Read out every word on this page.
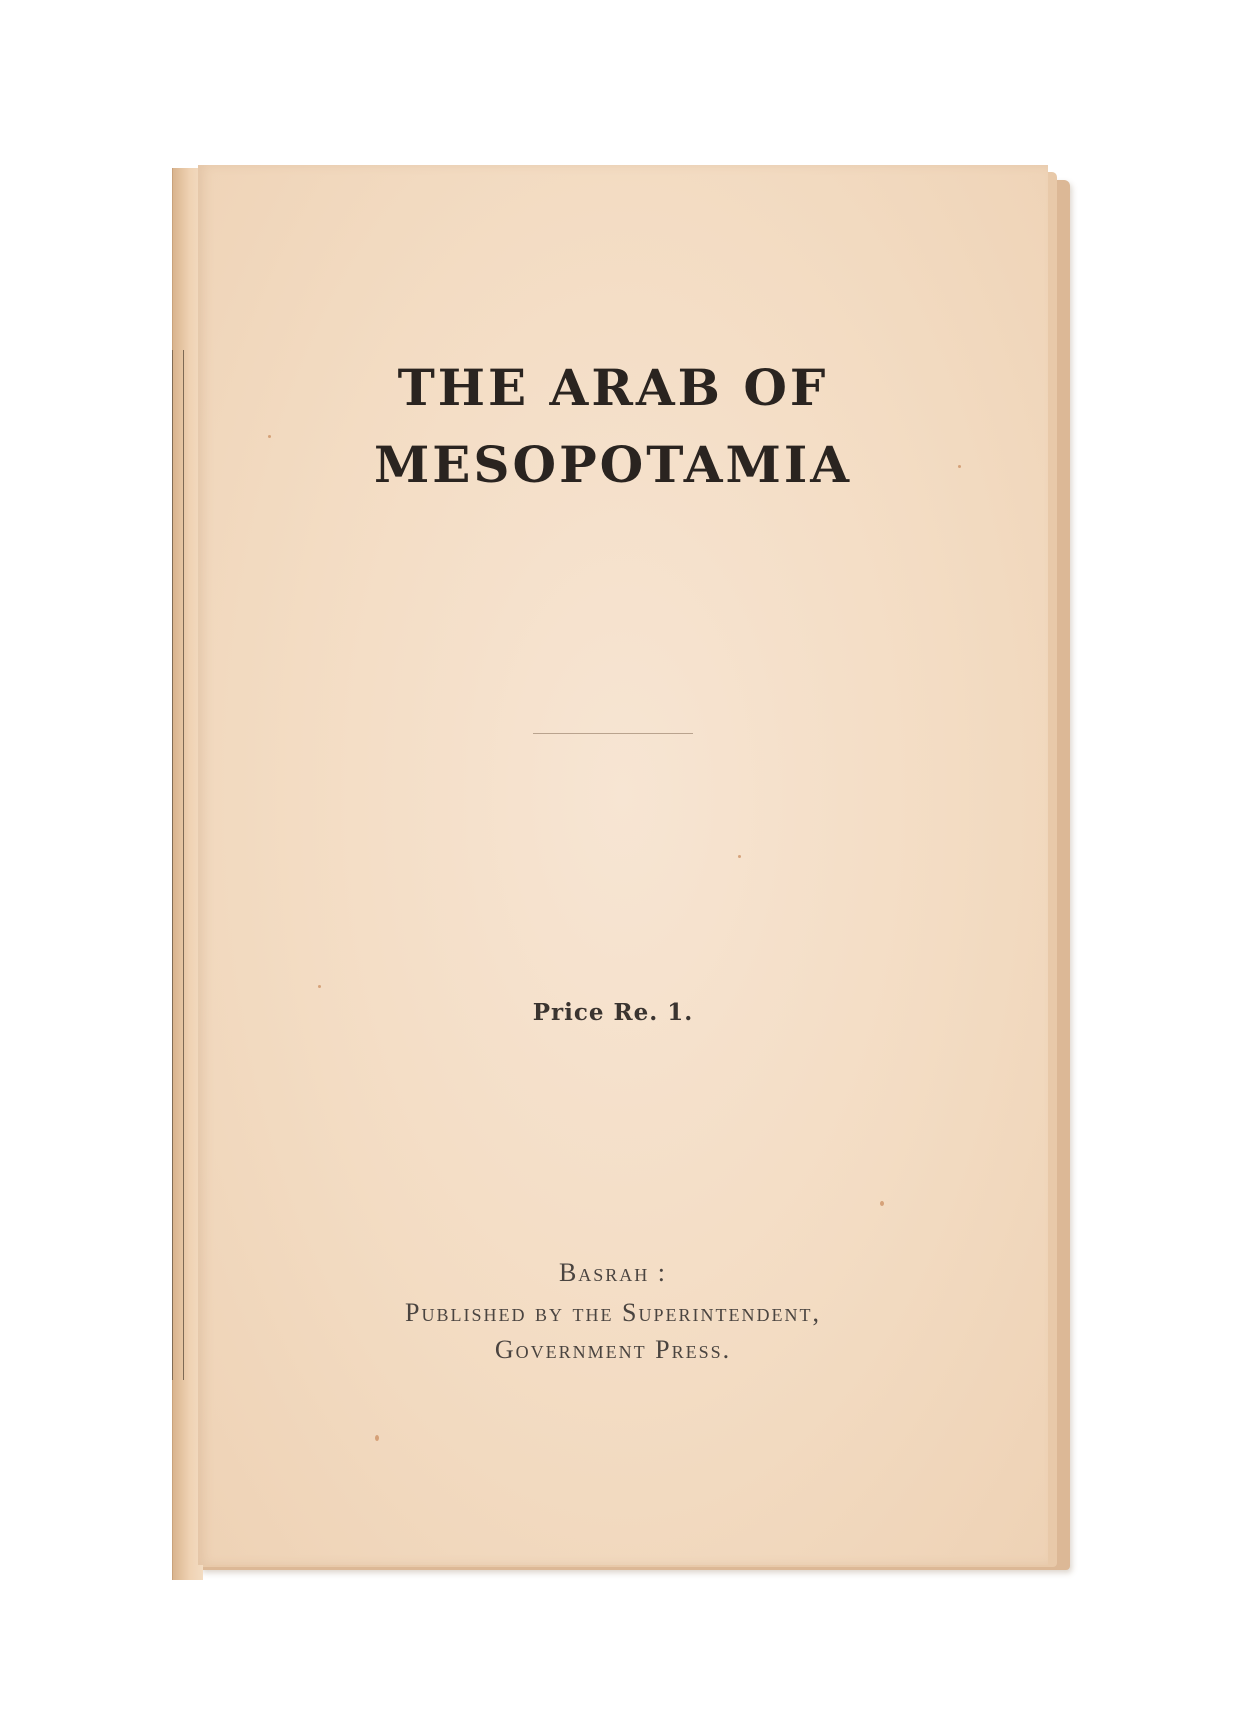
THE ARAB OF
MESOPOTAMIA
Price Re. 1.
Basrah :
Published by the Superintendent,
Government Press.
